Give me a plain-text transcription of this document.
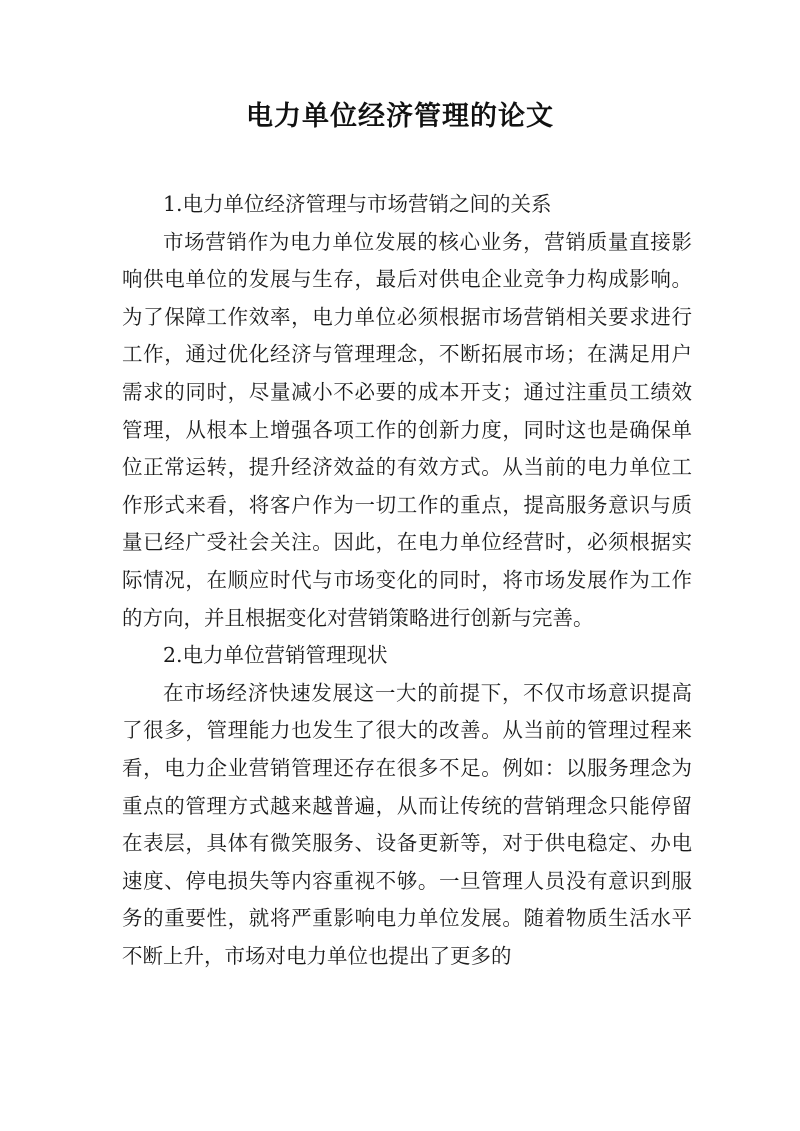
电力单位经济管理的论文

1.电力单位经济管理与市场营销之间的关系

市场营销作为电力单位发展的核心业务，营销质量直接影响供电单位的发展与生存，最后对供电企业竞争力构成影响。为了保障工作效率，电力单位必须根据市场营销相关要求进行工作，通过优化经济与管理理念，不断拓展市场；在满足用户需求的同时，尽量减小不必要的成本开支；通过注重员工绩效管理，从根本上增强各项工作的创新力度，同时这也是确保单位正常运转，提升经济效益的有效方式。从当前的电力单位工作形式来看，将客户作为一切工作的重点，提高服务意识与质量已经广受社会关注。因此，在电力单位经营时，必须根据实际情况，在顺应时代与市场变化的同时，将市场发展作为工作的方向，并且根据变化对营销策略进行创新与完善。

2.电力单位营销管理现状

在市场经济快速发展这一大的前提下，不仅市场意识提高了很多，管理能力也发生了很大的改善。从当前的管理过程来看，电力企业营销管理还存在很多不足。例如：以服务理念为重点的管理方式越来越普遍，从而让传统的营销理念只能停留在表层，具体有微笑服务、设备更新等，对于供电稳定、办电速度、停电损失等内容重视不够。一旦管理人员没有意识到服务的重要性，就将严重影响电力单位发展。随着物质生活水平不断上升，市场对电力单位也提出了更多的
